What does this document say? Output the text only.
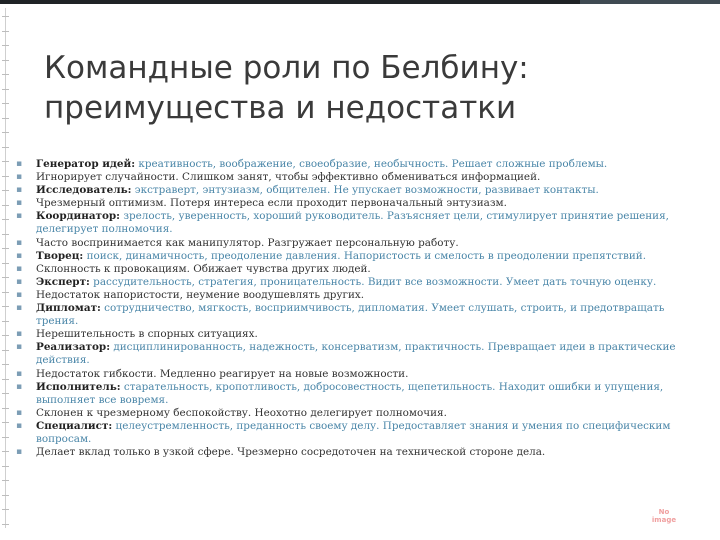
Командные роли по Белбину:
преимущества и недостатки
▪ Генератор идей: креативность, воображение, своеобразие, необычность. Решает сложные проблемы.
▪ Игнорирует случайности. Слишком занят, чтобы эффективно обмениваться информацией.
▪ Исследователь: экстраверт, энтузиазм, общителен. Не упускает возможности, развивает контакты.
▪ Чрезмерный оптимизм. Потеря интереса если проходит первоначальный энтузиазм.
▪ Координатор: зрелость, уверенность, хороший руководитель. Разъясняет цели, стимулирует принятие решения, делегирует полномочия.
▪ Часто воспринимается как манипулятор. Разгружает персональную работу.
▪ Творец: поиск, динамичность, преодоление давления. Напористость и смелость в преодолении препятствий.
▪ Склонность к провокациям. Обижает чувства других людей.
▪ Эксперт: рассудительность, стратегия, проницательность. Видит все возможности. Умеет дать точную оценку.
▪ Недостаток напористости, неумение воодушевлять других.
▪ Дипломат: сотрудничество, мягкость, восприимчивость, дипломатия. Умеет слушать, строить, и предотвращать трения.
▪ Нерешительность в спорных ситуациях.
▪ Реализатор: дисциплинированность, надежность, консерватизм, практичность. Превращает идеи в практические действия.
▪ Недостаток гибкости. Медленно реагирует на новые возможности.
▪ Исполнитель: старательность, кропотливость, добросовестность, щепетильность. Находит ошибки и упущения, выполняет все вовремя.
▪ Склонен к чрезмерному беспокойству. Неохотно делегирует полномочия.
▪ Специалист: целеустремленность, преданность своему делу. Предоставляет знания и умения по специфическим вопросам.
▪ Делает вклад только в узкой сфере. Чрезмерно сосредоточен на технической стороне дела.
No
image
